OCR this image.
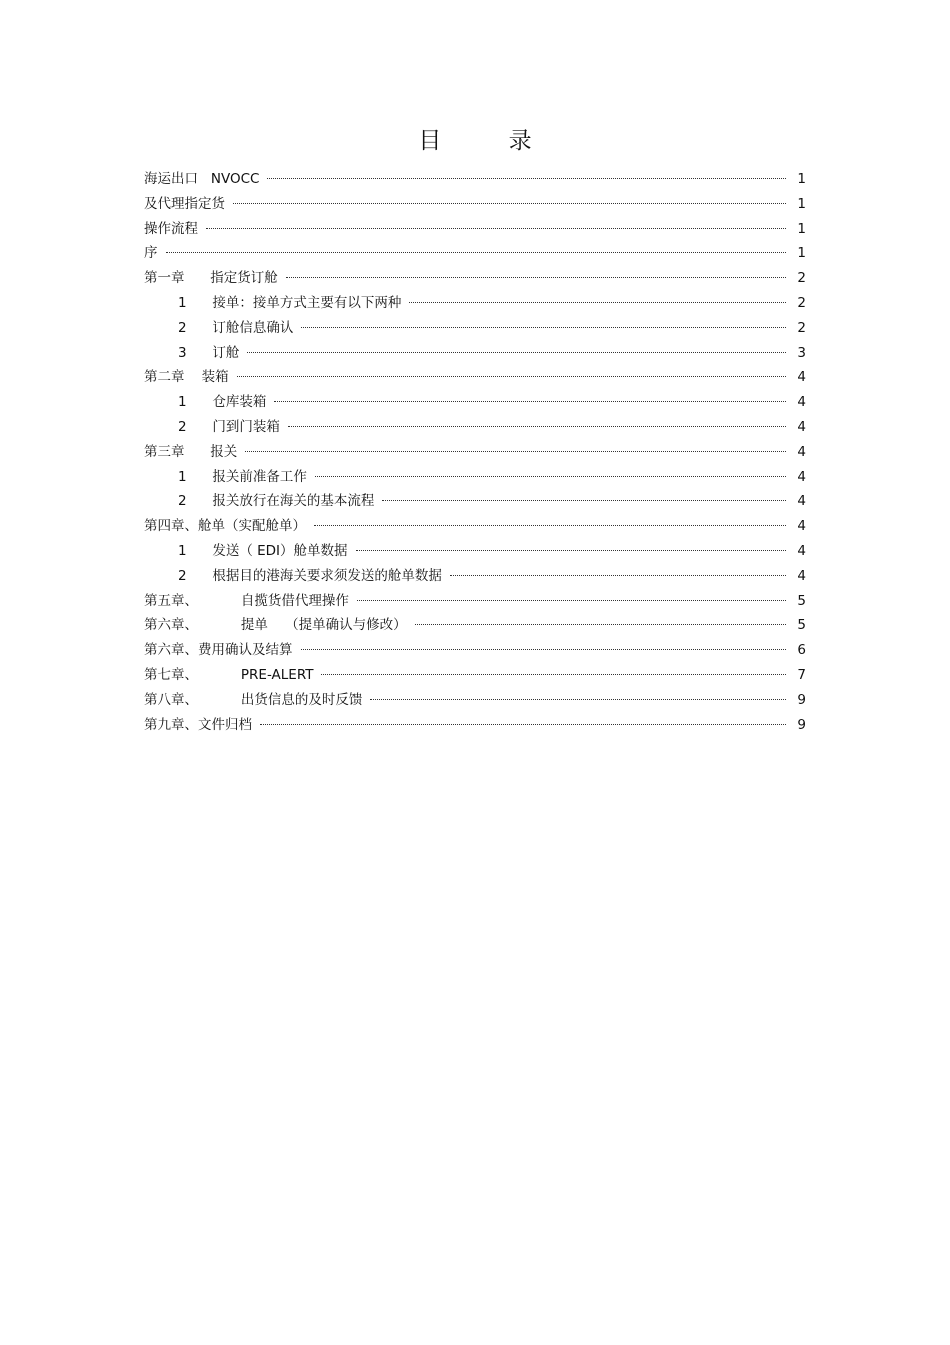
目 录
海运出口   NVOCC	1
及代理指定货	1
操作流程	1
序	1
第一章      指定货订舱	2
1      接单：接单方式主要有以下两种	2
2      订舱信息确认	2
3      订舱	3
第二章    装箱	4
1      仓库装箱	4
2      门到门装箱	4
第三章      报关	4
1      报关前准备工作	4
2      报关放行在海关的基本流程	4
第四章、舱单（实配舱单）	4
1      发送（ EDI）舱单数据	4
2      根据目的港海关要求须发送的舱单数据	4
第五章、          自揽货借代理操作	5
第六章、          提单    （提单确认与修改）	5
第六章、费用确认及结算	6
第七章、          PRE-ALERT	7
第八章、          出货信息的及时反馈	9
第九章、文件归档	9
